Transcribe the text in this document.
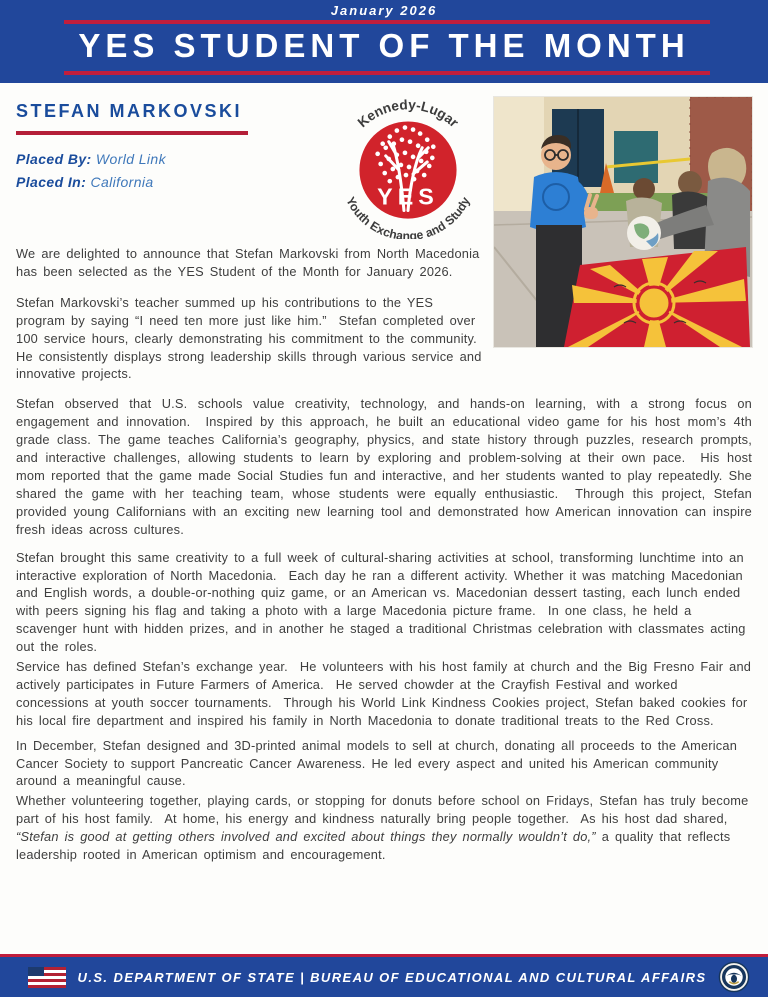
January 2026
YES STUDENT OF THE MONTH
STEFAN MARKOVSKI
Placed By: World Link
Placed In: California
YES
Kennedy-Lugar
Youth Exchange and Study

We are delighted to announce that Stefan Markovski from North Macedonia has been selected as the YES Student of the Month for January 2026.

Stefan Markovski’s teacher summed up his contributions to the YES program by saying “I need ten more just like him.”  Stefan completed over 100 service hours, clearly demonstrating his commitment to the community.  He consistently displays strong leadership skills through various service and innovative projects.

Stefan observed that U.S. schools value creativity, technology, and hands-on learning, with a strong focus on engagement and innovation.  Inspired by this approach, he built an educational video game for his host mom’s 4th grade class. The game teaches California’s geography, physics, and state history through puzzles, research prompts, and interactive challenges, allowing students to learn by exploring and problem-solving at their own pace.  His host mom reported that the game made Social Studies fun and interactive, and her students wanted to play repeatedly. She shared the game with her teaching team, whose students were equally enthusiastic.  Through this project, Stefan provided young Californians with an exciting new learning tool and demonstrated how American innovation can inspire fresh ideas across cultures.

Stefan brought this same creativity to a full week of cultural-sharing activities at school, transforming lunchtime into an interactive exploration of North Macedonia.  Each day he ran a different activity. Whether it was matching Macedonian and English words, a double-or-nothing quiz game, or an American vs. Macedonian dessert tasting, each lunch ended with peers signing his flag and taking a photo with a large Macedonia picture frame.  In one class, he held a scavenger hunt with hidden prizes, and in another he staged a traditional Christmas celebration with classmates acting out the roles.

Service has defined Stefan’s exchange year.  He volunteers with his host family at church and the Big Fresno Fair and actively participates in Future Farmers of America.  He served chowder at the Crayfish Festival and worked concessions at youth soccer tournaments.  Through his World Link Kindness Cookies project, Stefan baked cookies for his local fire department and inspired his family in North Macedonia to donate traditional treats to the Red Cross.

In December, Stefan designed and 3D-printed animal models to sell at church, donating all proceeds to the American Cancer Society to support Pancreatic Cancer Awareness. He led every aspect and united his American community around a meaningful cause.

Whether volunteering together, playing cards, or stopping for donuts before school on Fridays, Stefan has truly become part of his host family.  At home, his energy and kindness naturally bring people together.  As his host dad shared, “Stefan is good at getting others involved and excited about things they normally wouldn’t do,” a quality that reflects leadership rooted in American optimism and encouragement.

U.S. DEPARTMENT OF STATE | BUREAU OF EDUCATIONAL AND CULTURAL AFFAIRS
